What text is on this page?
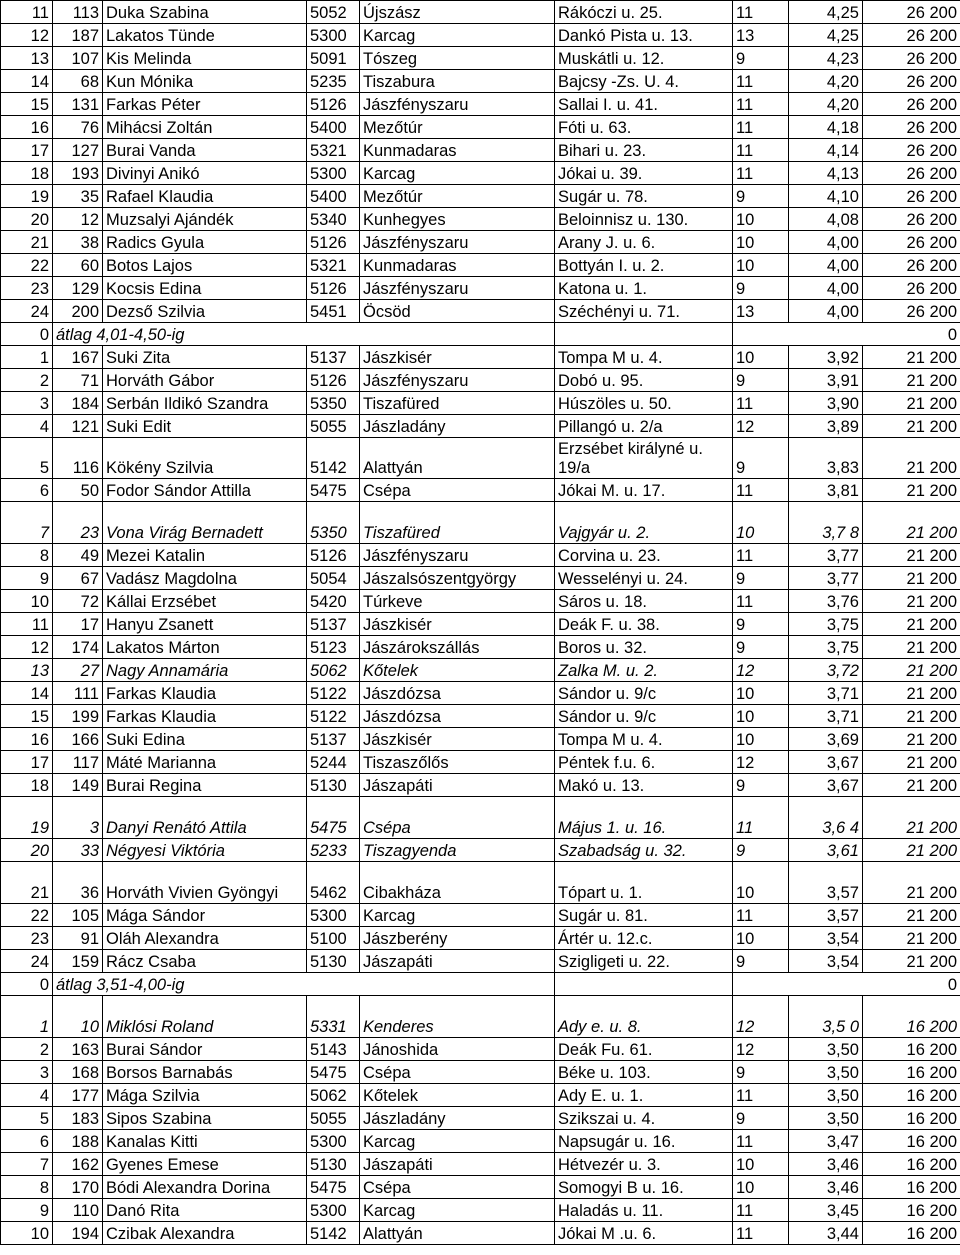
11	113	Duka Szabina	5052	Újszász	Rákóczi u. 25.	11	4,25	26 200
12	187	Lakatos Tünde	5300	Karcag	Dankó Pista u. 13.	13	4,25	26 200
13	107	Kis Melinda	5091	Tószeg	Muskátli u. 12.	9	4,23	26 200
14	68	Kun Mónika	5235	Tiszabura	Bajcsy -Zs. U. 4.	11	4,20	26 200
15	131	Farkas Péter	5126	Jászfényszaru	Sallai I. u. 41.	11	4,20	26 200
16	76	Mihácsi Zoltán	5400	Mezőtúr	Fóti u. 63.	11	4,18	26 200
17	127	Burai Vanda	5321	Kunmadaras	Bihari u. 23.	11	4,14	26 200
18	193	Divinyi Anikó	5300	Karcag	Jókai u. 39.	11	4,13	26 200
19	35	Rafael Klaudia	5400	Mezőtúr	Sugár u. 78.	9	4,10	26 200
20	12	Muzsalyi Ajándék	5340	Kunhegyes	Beloinnisz u. 130.	10	4,08	26 200
21	38	Radics Gyula	5126	Jászfényszaru	Arany J. u. 6.	10	4,00	26 200
22	60	Botos Lajos	5321	Kunmadaras	Bottyán I. u. 2.	10	4,00	26 200
23	129	Kocsis Edina	5126	Jászfényszaru	Katona u. 1.	9	4,00	26 200
24	200	Dezső Szilvia	5451	Öcsöd	Széchényi u. 71.	13	4,00	26 200
0	átlag 4,01-4,50-ig					0		
1	167	Suki Zita	5137	Jászkisér	Tompa M u. 4.	10	3,92	21 200
2	71	Horváth Gábor	5126	Jászfényszaru	Dobó u. 95.	9	3,91	21 200
3	184	Serbán Ildikó Szandra	5350	Tiszafüred	Húszöles u. 50.	11	3,90	21 200
4	121	Suki Edit	5055	Jászladány	Pillangó u. 2/a	12	3,89	21 200
5	116	Kökény Szilvia	5142	Alattyán	Erzsébet királyné u. 19/a	9	3,83	21 200
6	50	Fodor Sándor Attilla	5475	Csépa	Jókai M. u. 17.	11	3,81	21 200
7	23	Vona Virág Bernadett	5350	Tiszafüred	Vajgyár u. 2.	10	3,7 8	21 200
8	49	Mezei Katalin	5126	Jászfényszaru	Corvina u. 23.	11	3,77	21 200
9	67	Vadász Magdolna	5054	Jászalsószentgyörgy	Wesselényi u. 24.	9	3,77	21 200
10	72	Kállai Erzsébet	5420	Túrkeve	Sáros u. 18.	11	3,76	21 200
11	17	Hanyu Zsanett	5137	Jászkisér	Deák F. u. 38.	9	3,75	21 200
12	174	Lakatos Márton	5123	Jászárokszállás	Boros u. 32.	9	3,75	21 200
13	27	Nagy Annamária	5062	Kőtelek	Zalka M. u. 2.	12	3,72	21 200
14	111	Farkas Klaudia	5122	Jászdózsa	Sándor u. 9/c	10	3,71	21 200
15	199	Farkas Klaudia	5122	Jászdózsa	Sándor u. 9/c	10	3,71	21 200
16	166	Suki Edina	5137	Jászkisér	Tompa M u. 4.	10	3,69	21 200
17	117	Máté Marianna	5244	Tiszaszőlős	Péntek f.u. 6.	12	3,67	21 200
18	149	Burai Regina	5130	Jászapáti	Makó u. 13.	9	3,67	21 200
19	3	Danyi Renátó Attila	5475	Csépa	Május 1. u. 16.	11	3,6 4	21 200
20	33	Négyesi Viktória	5233	Tiszagyenda	Szabadság u. 32.	9	3,61	21 200
21	36	Horváth Vivien Gyöngyi	5462	Cibakháza	Tópart u. 1.	10	3,57	21 200
22	105	Mága Sándor	5300	Karcag	Sugár u. 81.	11	3,57	21 200
23	91	Oláh Alexandra	5100	Jászberény	Ártér u. 12.c.	10	3,54	21 200
24	159	Rácz Csaba	5130	Jászapáti	Szigligeti u. 22.	9	3,54	21 200
0	átlag 3,51-4,00-ig					0		
1	10	Miklósi Roland	5331	Kenderes	Ady e. u. 8.	12	3,5 0	16 200
2	163	Burai Sándor	5143	Jánoshida	Deák Fu. 61.	12	3,50	16 200
3	168	Borsos Barnabás	5475	Csépa	Béke u. 103.	9	3,50	16 200
4	177	Mága Szilvia	5062	Kőtelek	Ady E. u. 1.	11	3,50	16 200
5	183	Sipos Szabina	5055	Jászladány	Szikszai u. 4.	9	3,50	16 200
6	188	Kanalas Kitti	5300	Karcag	Napsugár u. 16.	11	3,47	16 200
7	162	Gyenes Emese	5130	Jászapáti	Hétvezér u. 3.	10	3,46	16 200
8	170	Bódi Alexandra Dorina	5475	Csépa	Somogyi B u. 16.	10	3,46	16 200
9	110	Danó Rita	5300	Karcag	Haladás u. 11.	11	3,45	16 200
10	194	Czibak Alexandra	5142	Alattyán	Jókai M .u. 6.	11	3,44	16 200
